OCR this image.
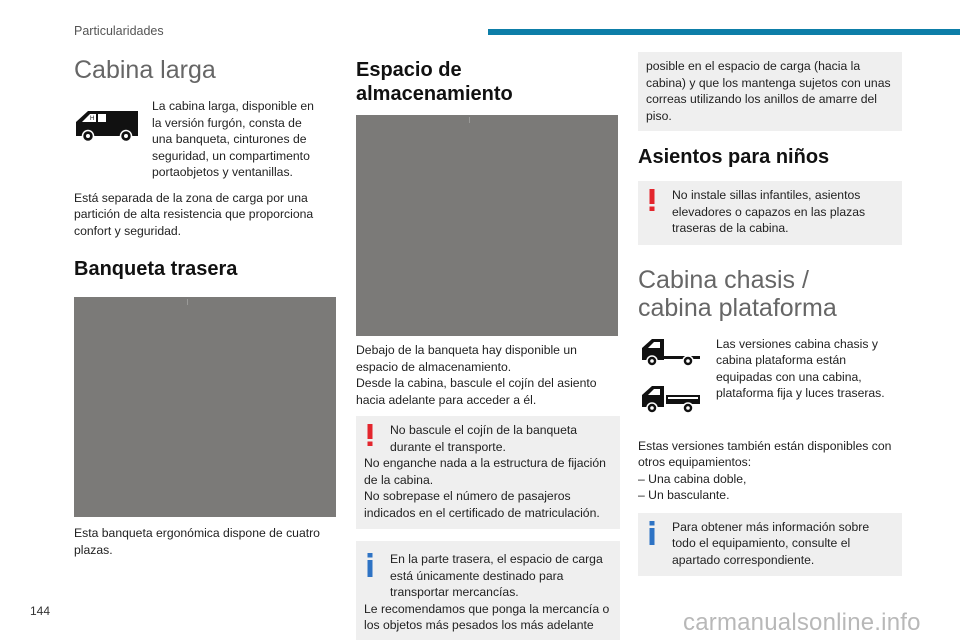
Particularidades
Cabina larga
H

La cabina larga, disponible en la versión furgón, consta de una banqueta, cinturones de seguridad, un compartimento portaobjetos y ventanillas.

Está separada de la zona de carga por una partición de alta resistencia que proporciona confort y seguridad.

Banqueta trasera

Esta banqueta ergonómica dispone de cuatro plazas.

Espacio de almacenamiento

Debajo de la banqueta hay disponible un espacio de almacenamiento.

Desde la cabina, bascule el cojín del asiento hacia adelante para acceder a él.

No bascule el cojín de la banqueta durante el transporte.

No enganche nada a la estructura de fijación de la cabina.

No sobrepase el número de pasajeros indicados en el certificado de matriculación.

En la parte trasera, el espacio de carga está únicamente destinado para transportar mercancías.

Le recomendamos que ponga la mercancía o los objetos más pesados los más adelante

posible en el espacio de carga (hacia la cabina) y que los mantenga sujetos con unas correas utilizando los anillos de amarre del piso.

Asientos para niños

No instale sillas infantiles, asientos elevadores o capazos en las plazas traseras de la cabina.

Cabina chasis / cabina plataforma

Las versiones cabina chasis y cabina plataforma están equipadas con una cabina, plataforma fija y luces traseras.

Estas versiones también están disponibles con otros equipamientos:

– Una cabina doble,

– Un basculante.

Para obtener más información sobre todo el equipamiento, consulte el apartado correspondiente.

144	carmanualsonline.info
